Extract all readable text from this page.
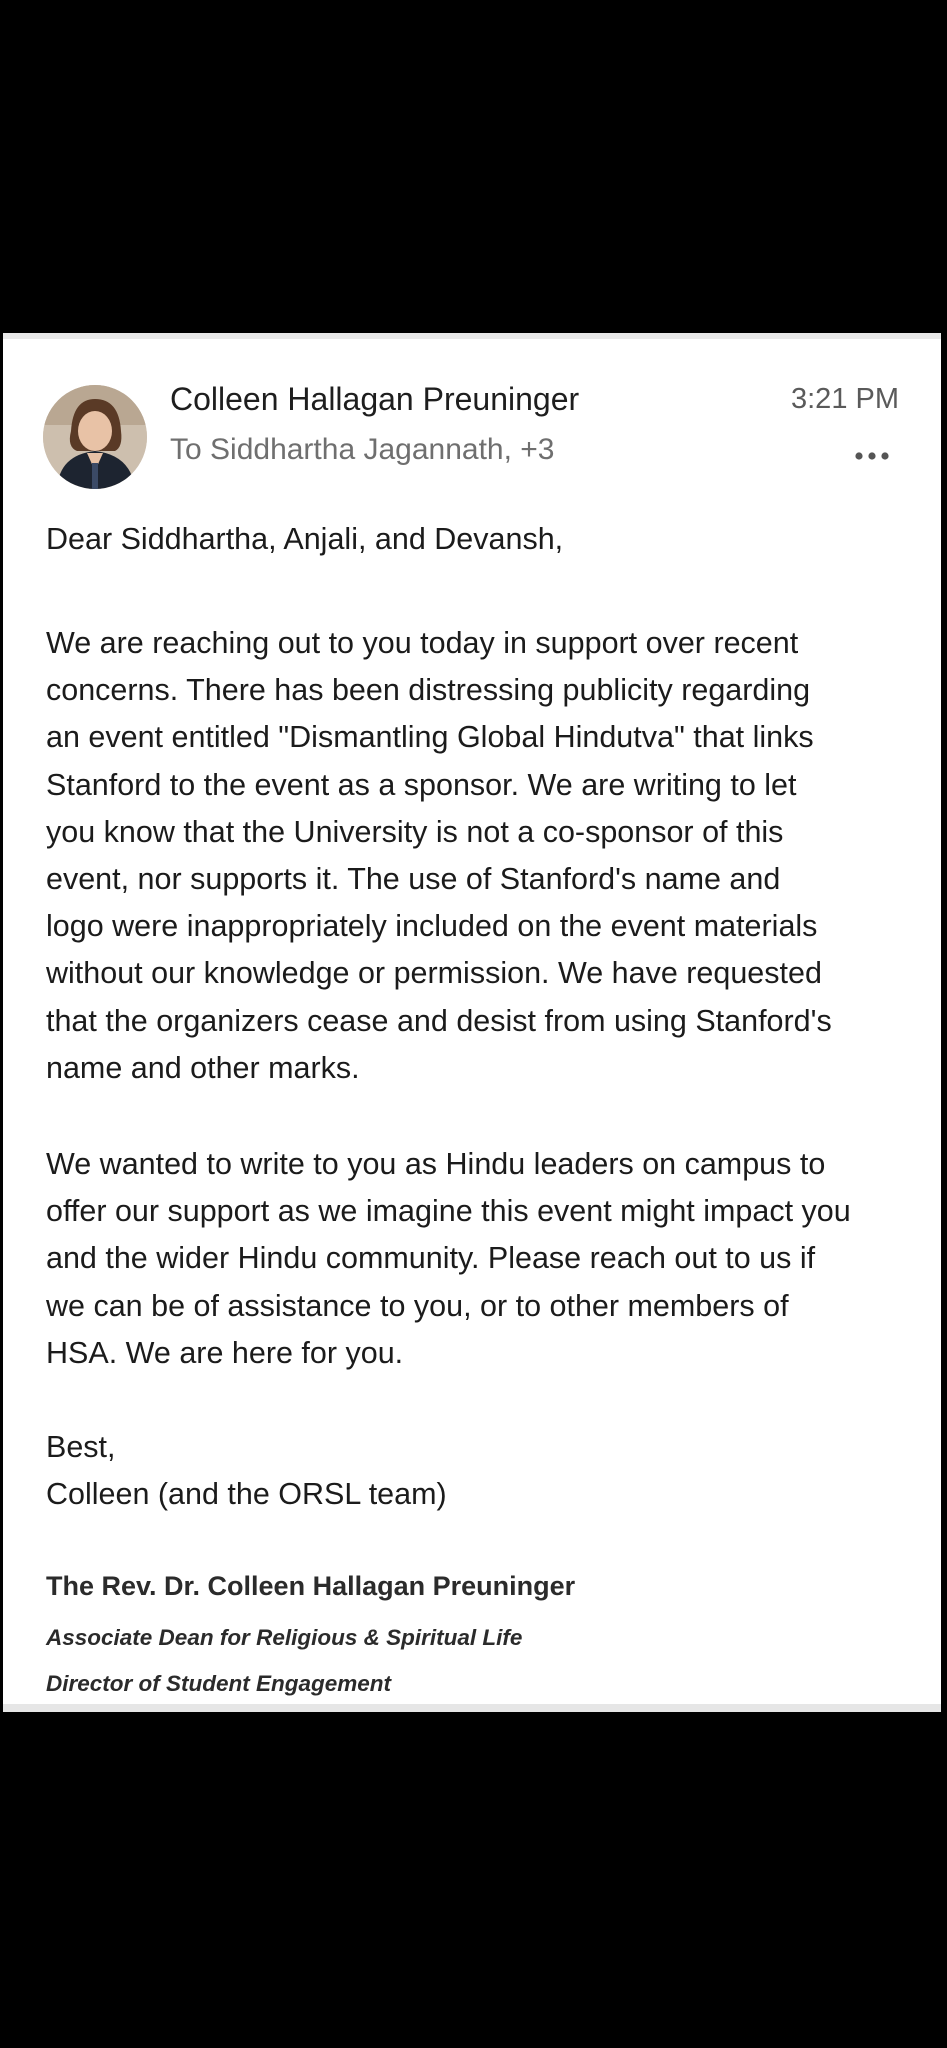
Colleen Hallagan Preuninger
To Siddhartha Jagannath, +3
3:21 PM

Dear Siddhartha, Anjali, and Devansh,

We are reaching out to you today in support over recent
concerns. There has been distressing publicity regarding
an event entitled "Dismantling Global Hindutva" that links
Stanford to the event as a sponsor. We are writing to let
you know that the University is not a co-sponsor of this
event, nor supports it. The use of Stanford's name and
logo were inappropriately included on the event materials
without our knowledge or permission. We have requested
that the organizers cease and desist from using Stanford's
name and other marks.

We wanted to write to you as Hindu leaders on campus to
offer our support as we imagine this event might impact you
and the wider Hindu community. Please reach out to us if
we can be of assistance to you, or to other members of
HSA. We are here for you.

Best,
Colleen (and the ORSL team)

The Rev. Dr. Colleen Hallagan Preuninger
Associate Dean for Religious & Spiritual Life
Director of Student Engagement
